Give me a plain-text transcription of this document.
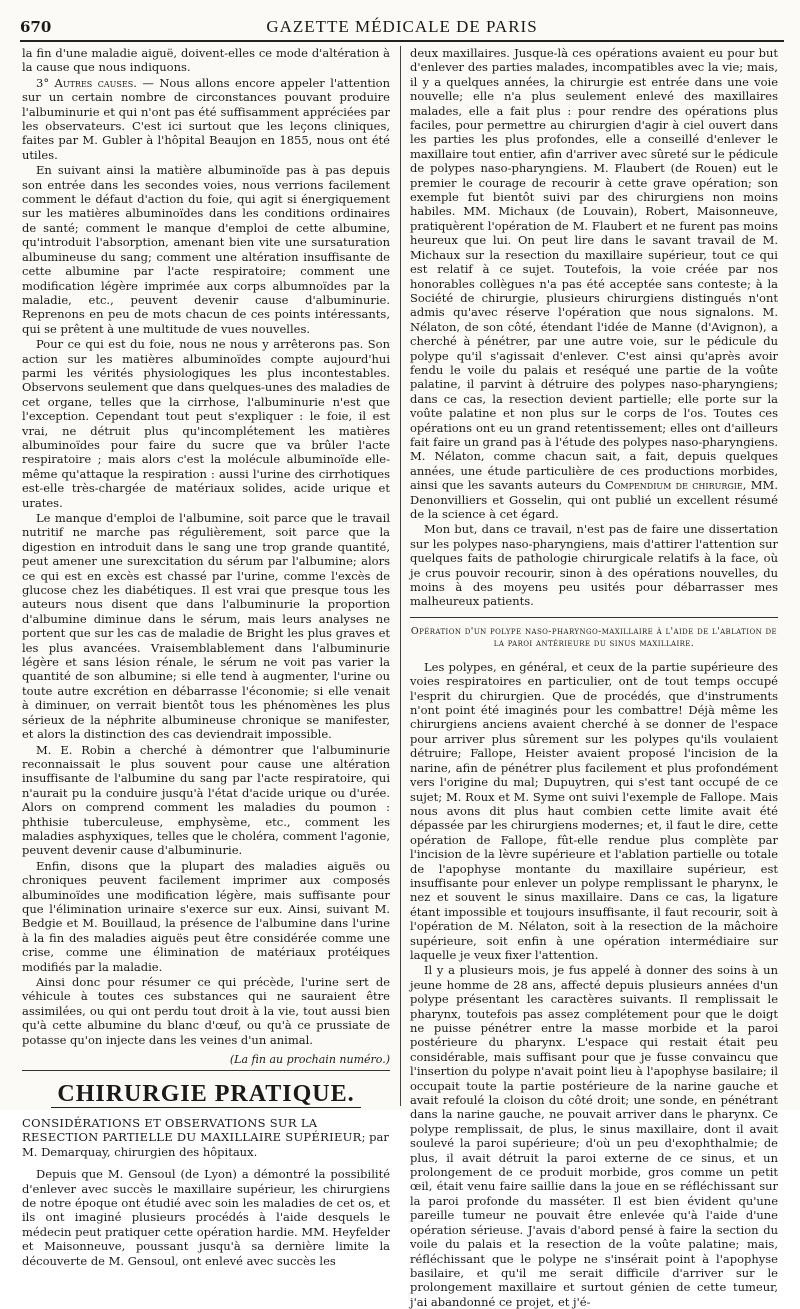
670	GAZETTE MÉDICALE DE PARIS

la fin d'une maladie aiguë, doivent-elles ce mode d'altération à la cause que nous indiquons.

3° Autres causes. — Nous allons encore appeler l'attention sur un certain nombre de circonstances pouvant produire l'albuminurie et qui n'ont pas été suffisamment appréciées par les observateurs. C'est ici surtout que les leçons cliniques, faites par M. Gubler à l'hôpital Beaujon en 1855, nous ont été utiles.

En suivant ainsi la matière albuminoïde pas à pas depuis son entrée dans les secondes voies, nous verrions facilement comment le défaut d'action du foie, qui agit si énergiquement sur les matières albuminoïdes dans les conditions ordinaires de santé; comment le manque d'emploi de cette albumine, qu'introduit l'absorption, amenant bien vite une sursaturation albumineuse du sang; comment une altération insuffisante de cette albumine par l'acte respiratoire; comment une modification légère imprimée aux corps albumnoïdes par la maladie, etc., peuvent devenir cause d'albuminurie. Reprenons en peu de mots chacun de ces points intéressants, qui se prêtent à une multitude de vues nouvelles.

Pour ce qui est du foie, nous ne nous y arrêterons pas. Son action sur les matières albuminoïdes compte aujourd'hui parmi les vérités physiologiques les plus incontestables. Observons seulement que dans quelques-unes des maladies de cet organe, telles que la cirrhose, l'albuminurie n'est que l'exception. Cependant tout peut s'expliquer : le foie, il est vrai, ne détruit plus qu'incomplétement les matières albuminoïdes pour faire du sucre que va brûler l'acte respiratoire ; mais alors c'est la molécule albuminoïde elle-même qu'attaque la respiration : aussi l'urine des cirrhotiques est-elle très-chargée de matériaux solides, acide urique et urates.

Le manque d'emploi de l'albumine, soit parce que le travail nutritif ne marche pas régulièrement, soit parce que la digestion en introduit dans le sang une trop grande quantité, peut amener une surexcitation du sérum par l'albumine; alors ce qui est en excès est chassé par l'urine, comme l'excès de glucose chez les diabétiques. Il est vrai que presque tous les auteurs nous disent que dans l'albuminurie la proportion d'albumine diminue dans le sérum, mais leurs analyses ne portent que sur les cas de maladie de Bright les plus graves et les plus avancées. Vraisemblablement dans l'albuminurie légère et sans lésion rénale, le sérum ne voit pas varier la quantité de son albumine; si elle tend à augmenter, l'urine ou toute autre excrétion en débarrasse l'économie; si elle venait à diminuer, on verrait bientôt tous les phénomènes les plus sérieux de la néphrite albumineuse chronique se manifester, et alors la distinction des cas deviendrait impossible.

M. E. Robin a cherché à démontrer que l'albuminurie reconnaissait le plus souvent pour cause une altération insuffisante de l'albumine du sang par l'acte respiratoire, qui n'aurait pu la conduire jusqu'à l'état d'acide urique ou d'urée. Alors on comprend comment les maladies du poumon : phthisie tuberculeuse, emphysème, etc., comment les maladies asphyxiques, telles que le choléra, comment l'agonie, peuvent devenir cause d'albuminurie.

Enfin, disons que la plupart des maladies aiguës ou chroniques peuvent facilement imprimer aux composés albuminoïdes une modification légère, mais suffisante pour que l'élimination urinaire s'exerce sur eux. Ainsi, suivant M. Bedgie et M. Bouillaud, la présence de l'albumine dans l'urine à la fin des maladies aiguës peut être considérée comme une crise, comme une élimination de matériaux protéiques modifiés par la maladie.

Ainsi donc pour résumer ce qui précède, l'urine sert de véhicule à toutes ces substances qui ne sauraient être assimilées, ou qui ont perdu tout droit à la vie, tout aussi bien qu'à cette albumine du blanc d'œuf, ou qu'à ce prussiate de potasse qu'on injecte dans les veines d'un animal.

(La fin au prochain numéro.)
CHIRURGIE PRATIQUE.
CONSIDÉRATIONS ET OBSERVATIONS SUR LA RESECTION PARTIELLE DU MAXILLAIRE SUPÉRIEUR; par M. Demarquay, chirurgien des hôpitaux.

Depuis que M. Gensoul (de Lyon) a démontré la possibilité d'enlever avec succès le maxillaire supérieur, les chirurgiens de notre époque ont étudié avec soin les maladies de cet os, et ils ont imaginé plusieurs procédés à l'aide desquels le médecin peut pratiquer cette opération hardie. MM. Heyfelder et Maisonneuve, poussant jusqu'à sa dernière limite la découverte de M. Gensoul, ont enlevé avec succès les

deux maxillaires. Jusque-là ces opérations avaient eu pour but d'enlever des parties malades, incompatibles avec la vie; mais, il y a quelques années, la chirurgie est entrée dans une voie nouvelle; elle n'a plus seulement enlevé des maxillaires malades, elle a fait plus : pour rendre des opérations plus faciles, pour permettre au chirurgien d'agir à ciel ouvert dans les parties les plus profondes, elle a conseillé d'enlever le maxillaire tout entier, afin d'arriver avec sûreté sur le pédicule de polypes naso-pharyngiens. M. Flaubert (de Rouen) eut le premier le courage de recourir à cette grave opération; son exemple fut bientôt suivi par des chirurgiens non moins habiles. MM. Michaux (de Louvain), Robert, Maisonneuve, pratiquèrent l'opération de M. Flaubert et ne furent pas moins heureux que lui. On peut lire dans le savant travail de M. Michaux sur la resection du maxillaire supérieur, tout ce qui est relatif à ce sujet. Toutefois, la voie créée par nos honorables collègues n'a pas été acceptée sans conteste; à la Société de chirurgie, plusieurs chirurgiens distingués n'ont admis qu'avec réserve l'opération que nous signalons. M. Nélaton, de son côté, étendant l'idée de Manne (d'Avignon), a cherché à pénétrer, par une autre voie, sur le pédicule du polype qu'il s'agissait d'enlever. C'est ainsi qu'après avoir fendu le voile du palais et reséqué une partie de la voûte palatine, il parvint à détruire des polypes naso-pharyngiens; dans ce cas, la resection devient partielle; elle porte sur la voûte palatine et non plus sur le corps de l'os. Toutes ces opérations ont eu un grand retentissement; elles ont d'ailleurs fait faire un grand pas à l'étude des polypes naso-pharyngiens. M. Nélaton, comme chacun sait, a fait, depuis quelques années, une étude particulière de ces productions morbides, ainsi que les savants auteurs du Compendium de chirurgie, MM. Denonvilliers et Gosselin, qui ont publié un excellent résumé de la science à cet égard.

Mon but, dans ce travail, n'est pas de faire une dissertation sur les polypes naso-pharyngiens, mais d'attirer l'attention sur quelques faits de pathologie chirurgicale relatifs à la face, où je crus pouvoir recourir, sinon à des opérations nouvelles, du moins à des moyens peu usités pour débarrasser mes malheureux patients.

Opération d'un polype naso-pharyngo-maxillaire à l'aide de l'ablation de la paroi antérieure du sinus maxillaire.

Les polypes, en général, et ceux de la partie supérieure des voies respiratoires en particulier, ont de tout temps occupé l'esprit du chirurgien. Que de procédés, que d'instruments n'ont point été imaginés pour les combattre! Déjà même les chirurgiens anciens avaient cherché à se donner de l'espace pour arriver plus sûrement sur les polypes qu'ils voulaient détruire; Fallope, Heister avaient proposé l'incision de la narine, afin de pénétrer plus facilement et plus profondément vers l'origine du mal; Dupuytren, qui s'est tant occupé de ce sujet; M. Roux et M. Syme ont suivi l'exemple de Fallope. Mais nous avons dit plus haut combien cette limite avait été dépassée par les chirurgiens modernes; et, il faut le dire, cette opération de Fallope, fût-elle rendue plus complète par l'incision de la lèvre supérieure et l'ablation partielle ou totale de l'apophyse montante du maxillaire supérieur, est insuffisante pour enlever un polype remplissant le pharynx, le nez et souvent le sinus maxillaire. Dans ce cas, la ligature étant impossible et toujours insuffisante, il faut recourir, soit à l'opération de M. Nélaton, soit à la resection de la mâchoire supérieure, soit enfin à une opération intermédiaire sur laquelle je veux fixer l'attention.

Il y a plusieurs mois, je fus appelé à donner des soins à un jeune homme de 28 ans, affecté depuis plusieurs années d'un polype présentant les caractères suivants. Il remplissait le pharynx, toutefois pas assez complétement pour que le doigt ne puisse pénétrer entre la masse morbide et la paroi postérieure du pharynx. L'espace qui restait était peu considérable, mais suffisant pour que je fusse convaincu que l'insertion du polype n'avait point lieu à l'apophyse basilaire; il occupait toute la partie postérieure de la narine gauche et avait refoulé la cloison du côté droit; une sonde, en pénétrant dans la narine gauche, ne pouvait arriver dans le pharynx. Ce polype remplissait, de plus, le sinus maxillaire, dont il avait soulevé la paroi supérieure; d'où un peu d'exophthalmie; de plus, il avait détruit la paroi externe de ce sinus, et un prolongement de ce produit morbide, gros comme un petit œil, était venu faire saillie dans la joue en se réfléchissant sur la paroi profonde du masséter. Il est bien évident qu'une pareille tumeur ne pouvait être enlevée qu'à l'aide d'une opération sérieuse. J'avais d'abord pensé à faire la section du voile du palais et la resection de la voûte palatine; mais, réfléchissant que le polype ne s'insérait point à l'apophyse basilaire, et qu'il me serait difficile d'arriver sur le prolongement maxillaire et surtout génien de cette tumeur, j'ai abandonné ce projet, et j'é-
